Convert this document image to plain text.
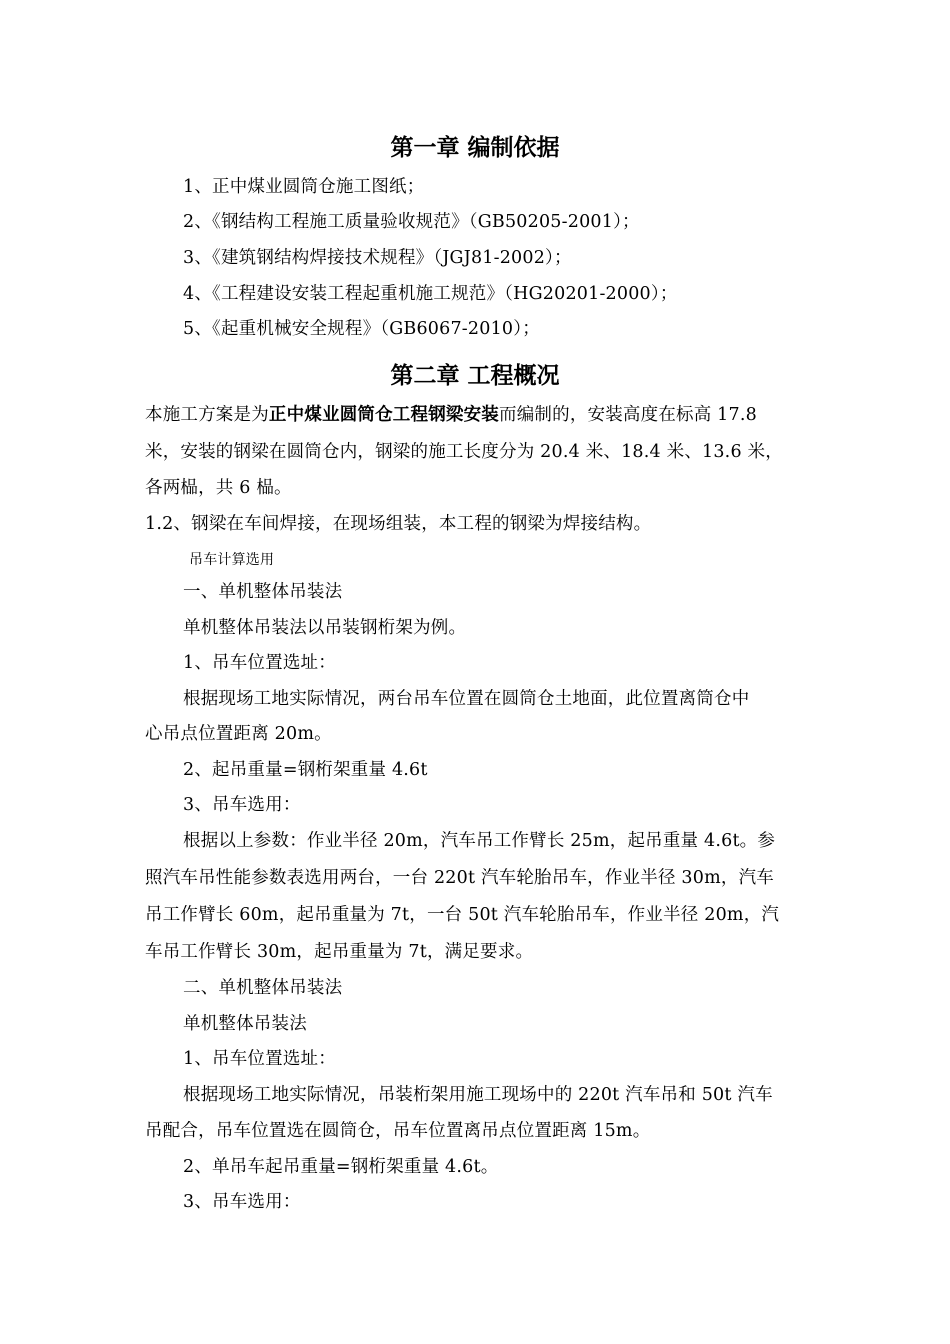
第一章 编制依据
1、正中煤业圆筒仓施工图纸；
2、《钢结构工程施工质量验收规范》（GB50205-2001）；
3、《建筑钢结构焊接技术规程》（JGJ81-2002）；
4、《工程建设安装工程起重机施工规范》（HG20201-2000）；
5、《起重机械安全规程》（GB6067-2010）；
第二章 工程概况
本施工方案是为正中煤业圆筒仓工程钢梁安装而编制的，安装高度在标高 17.8
米，安装的钢梁在圆筒仓内，钢梁的施工长度分为 20.4 米、18.4 米、13.6 米，
各两榀，共 6 榀。
1.2、钢梁在车间焊接，在现场组装，本工程的钢梁为焊接结构。
吊车计算选用
一、单机整体吊装法
单机整体吊装法以吊装钢桁架为例。
1、吊车位置选址：
根据现场工地实际情况，两台吊车位置在圆筒仓土地面，此位置离筒仓中
心吊点位置距离 20m。
2、起吊重量=钢桁架重量 4.6t
3、吊车选用：
根据以上参数：作业半径 20m，汽车吊工作臂长 25m，起吊重量 4.6t。参
照汽车吊性能参数表选用两台，一台 220t 汽车轮胎吊车，作业半径 30m，汽车
吊工作臂长 60m，起吊重量为 7t，一台 50t 汽车轮胎吊车，作业半径 20m，汽
车吊工作臂长 30m，起吊重量为 7t，满足要求。
二、单机整体吊装法
单机整体吊装法
1、吊车位置选址：
根据现场工地实际情况，吊装桁架用施工现场中的 220t 汽车吊和 50t 汽车
吊配合，吊车位置选在圆筒仓，吊车位置离吊点位置距离 15m。
2、单吊车起吊重量=钢桁架重量 4.6t。
3、吊车选用：
